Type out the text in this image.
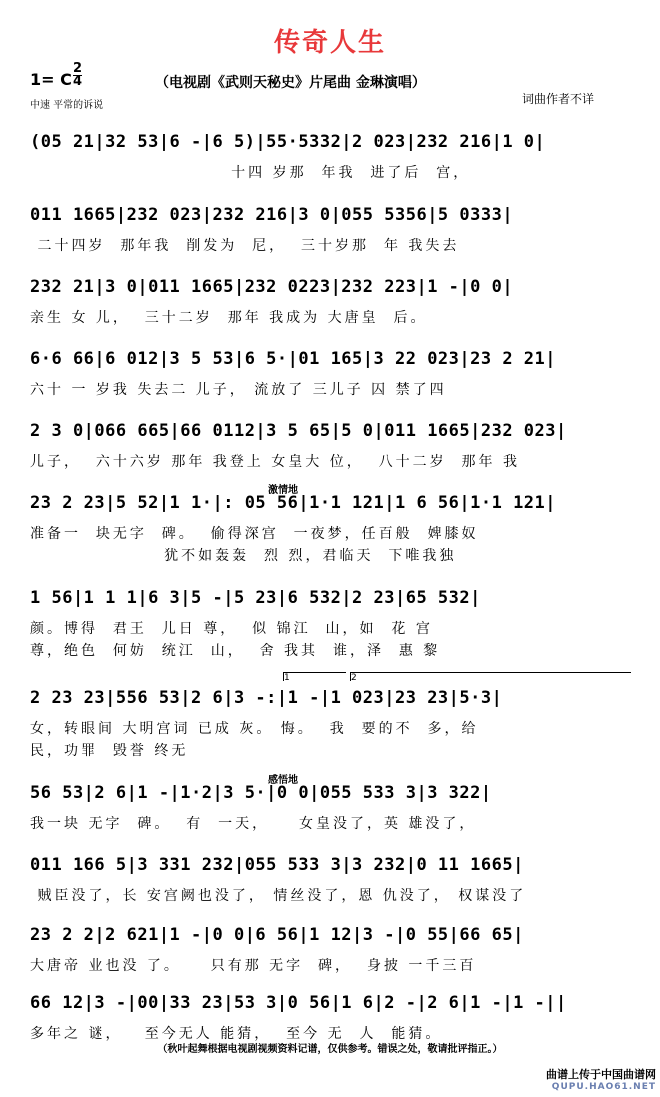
传奇人生
1= C
2
4
中速 平常的诉说
（电视剧《武则天秘史》片尾曲 金琳演唱）
词曲作者不详
(05 21|32 53|6 -|6 5)|55·5332|2 023|232 216|1 0|
十四 岁那  年我  进了后  宫，
011 1665|232 023|232 216|3 0|055 5356|5 0333|
二十四岁  那年我  削发为  尼，  三十岁那  年 我失去
232 21|3 0|011 1665|232 0223|232 223|1 -|0 0|
亲生 女 儿，  三十二岁  那年 我成为 大唐皇  后。
6·6 66|6 012|3 5 53|6 5·|01 165|3 22 023|23 2 21|
六十 一 岁我 失去二 儿子， 流放了 三儿子 囚 禁了四
2 3 0|066 665|66 0112|3 5 65|5 0|011 1665|232 023|
儿子，  六十六岁 那年 我登上 女皇大 位，  八十二岁  那年 我
23 2 23|5 52|1 1·|: 05 56|1·1 121|1 6 56|1·1 121|
准备一  块无字  碑。  偷得深宫  一夜梦，任百般  婢膝奴
犹不如轰轰  烈 烈，君临天  下唯我独
激情地
1 56|1 1 1|6 3|5 -|5 23|6 532|2 23|65 532|
颜。博得  君王  儿日 尊，  似 锦江  山，如  花 宫
尊，绝色  何妨  统江  山，  舍 我其  谁，泽  惠 黎
2 23 23|556 53|2 6|3 -:|1 -|1 023|23 23|5·3|
女，转眼间 大明宫词 已成 灰。 悔。  我  要的不  多，给
民，功罪  毁誉 终无
1	2
56 53|2 6|1 -|1·2|3 5·|0 0|055 533 3|3 322|
我一块 无字  碑。  有  一天，    女皇没了，英 雄没了，
感悟地
011 166 5|3 331 232|055 533 3|3 232|0 11 1665|
贼臣没了，长 安宫阙也没了， 情丝没了，恩 仇没了， 权谋没了
23 2 2|2 621|1 -|0 0|6 56|1 12|3 -|0 55|66 65|
大唐帝 业也没 了。    只有那 无字  碑，  身披 一千三百
66 12|3 -|00|33 23|53 3|0 56|1 6|2 -|2 6|1 -|1 -||
多年之 谜，   至今无人 能猜，  至今 无  人  能猜。
（秋叶起舞根据电视剧视频资料记谱，仅供参考。错误之处，敬请批评指正。）
曲谱上传于中国曲谱网
QUPU.HAO61.NET
